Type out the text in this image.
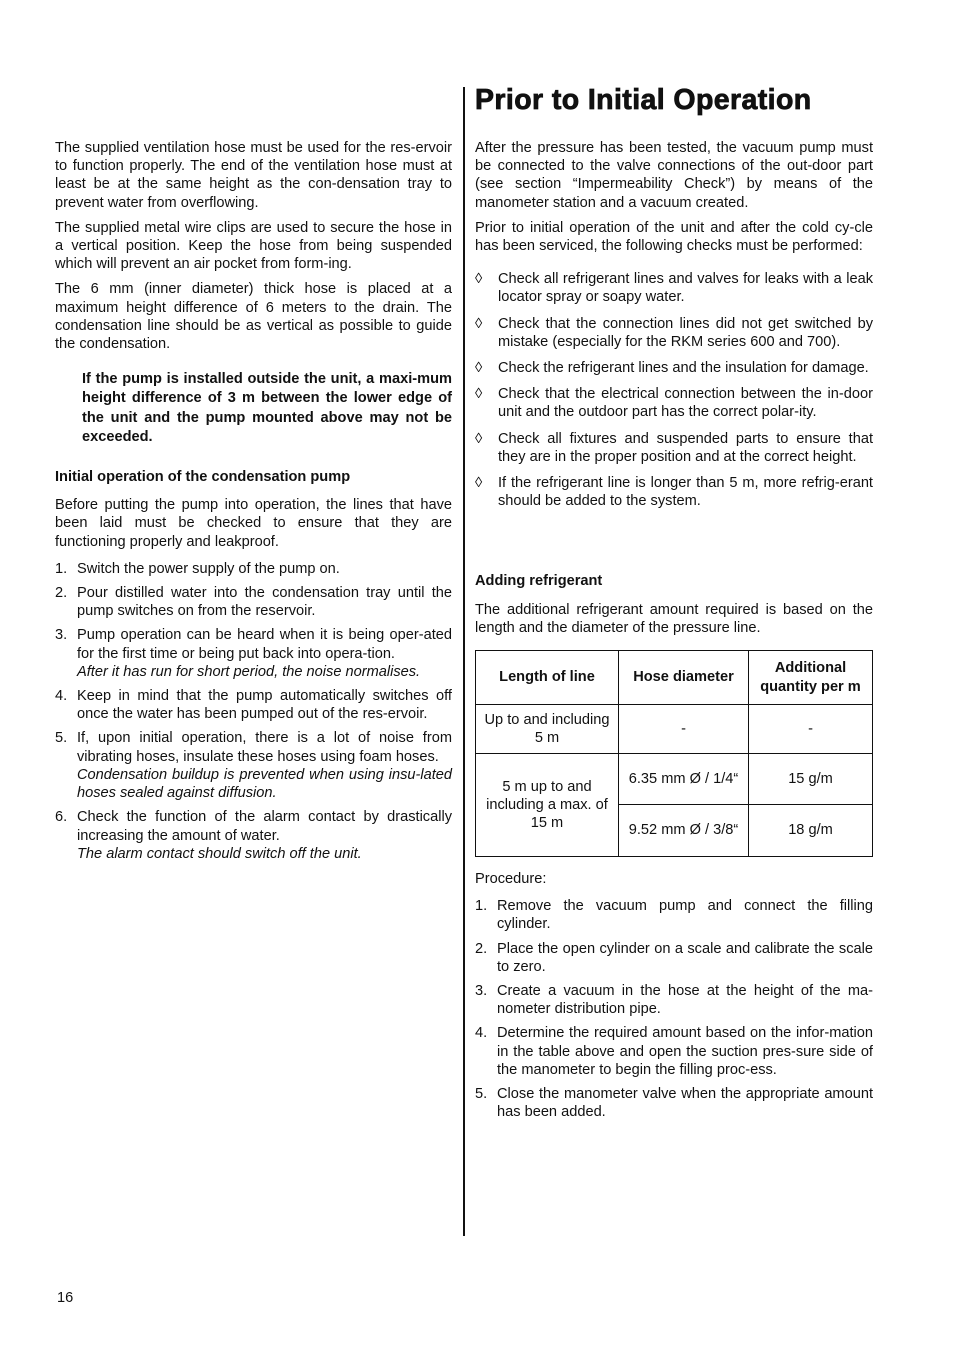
Prior to Initial Operation

The supplied ventilation hose must be used for the res-ervoir to function properly. The end of the ventilation hose must at least be at the same height as the con-densation tray to prevent water from overflowing.

The supplied metal wire clips are used to secure the hose in a vertical position. Keep the hose from being suspended which will prevent an air pocket from form-ing.

The 6 mm (inner diameter) thick hose is placed at a maximum height difference of 6 meters to the drain. The condensation line should be as vertical as possible to guide the condensation.

If the pump is installed outside the unit, a maxi-mum height difference of 3 m between the lower edge of the unit and the pump mounted above may not be exceeded.
Initial operation of the condensation pump

Before putting the pump into operation, the lines that have been laid must be checked to ensure that they are functioning properly and leakproof.

1. Switch the power supply of the pump on.
2. Pour distilled water into the condensation tray until the pump switches on from the reservoir.
3. Pump operation can be heard when it is being oper-ated for the first time or being put back into opera-tion.
After it has run for short period, the noise normalises.
4. Keep in mind that the pump automatically switches off once the water has been pumped out of the res-ervoir.
5. If, upon initial operation, there is a lot of noise from vibrating hoses, insulate these hoses using foam hoses.
Condensation buildup is prevented when using insu-lated hoses sealed against diffusion.
6. Check the function of the alarm contact by drastically increasing the amount of water.
The alarm contact should switch off the unit.

After the pressure has been tested, the vacuum pump must be connected to the valve connections of the out-door part (see section “Impermeability Check”) by means of the manometer station and a vacuum created.

Prior to initial operation of the unit and after the cold cy-cle has been serviced, the following checks must be performed:

◊ Check all refrigerant lines and valves for leaks with a leak locator spray or soapy water.
◊ Check that the connection lines did not get switched by mistake (especially for the RKM series 600 and 700).
◊ Check the refrigerant lines and the insulation for damage.
◊ Check that the electrical connection between the in-door unit and the outdoor part has the correct polar-ity.
◊ Check all fixtures and suspended parts to ensure that they are in the proper position and at the correct height.
◊ If the refrigerant line is longer than 5 m, more refrig-erant should be added to the system.
Adding refrigerant

The additional refrigerant amount required is based on the length and the diameter of the pressure line.

Length of line	Hose diameter	Additional quantity per m
Up to and including 5 m	-	-
5 m up to and including a max. of 15 m	6.35 mm Ø / 1/4“	15 g/m
	9.52 mm Ø / 3/8“	18 g/m

Procedure:

1. Remove the vacuum pump and connect the filling cylinder.
2. Place the open cylinder on a scale and calibrate the scale to zero.
3. Create a vacuum in the hose at the height of the ma-nometer distribution pipe.
4. Determine the required amount based on the infor-mation in the table above and open the suction pres-sure side of the manometer to begin the filling proc-ess.
5. Close the manometer valve when the appropriate amount has been added.
16
